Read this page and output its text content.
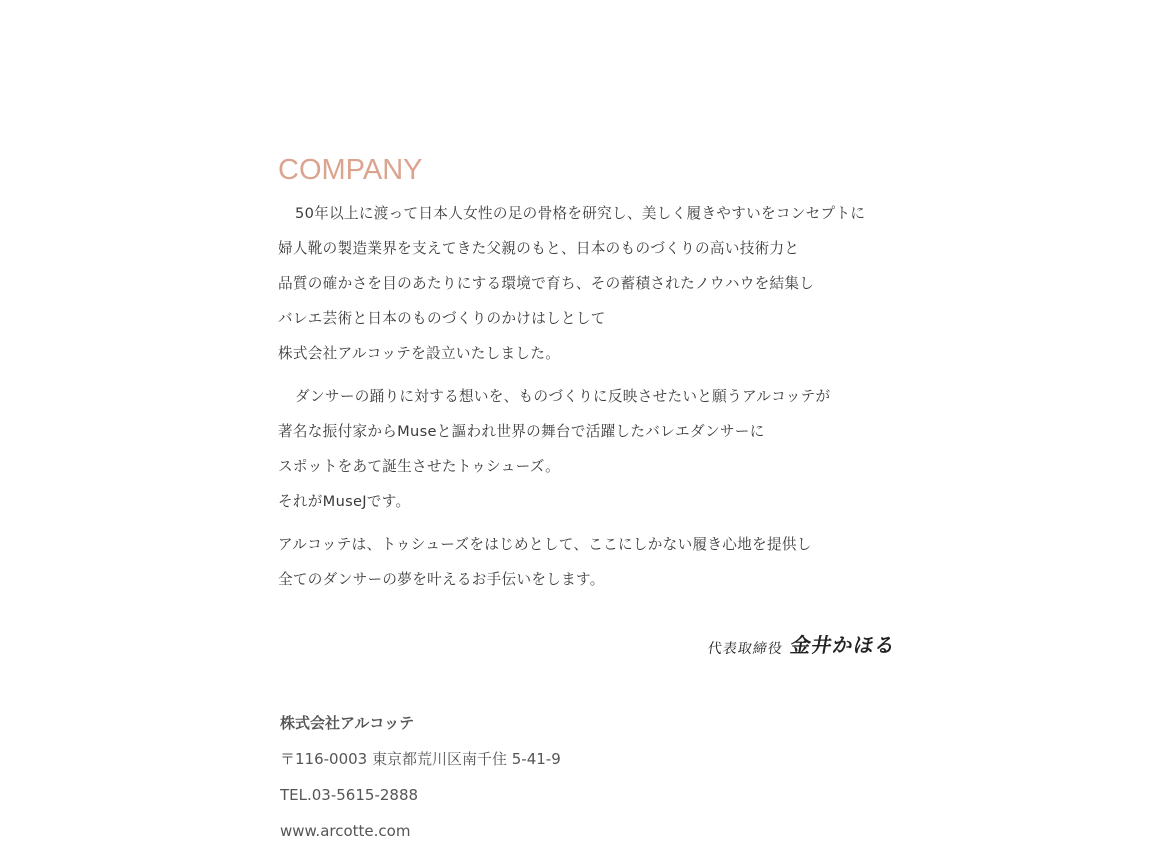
COMPANY

50年以上に渡って日本人女性の足の骨格を研究し、美しく履きやすいをコンセプトに
婦人靴の製造業界を支えてきた父親のもと、日本のものづくりの高い技術力と
品質の確かさを目のあたりにする環境で育ち、その蓄積されたノウハウを結集し
バレエ芸術と日本のものづくりのかけはしとして
株式会社アルコッテを設立いたしました。

ダンサーの踊りに対する想いを、ものづくりに反映させたいと願うアルコッテが
著名な振付家からMuseと謳われ世界の舞台で活躍したバレエダンサーに
スポットをあて誕生させたトゥシューズ。
それがMuseJです。

アルコッテは、トゥシューズをはじめとして、ここにしかない履き心地を提供し
全てのダンサーの夢を叶えるお手伝いをします。

代表取締役 金井かほる
株式会社アルコッテ
〒116-0003 東京都荒川区南千住 5-41-9
TEL.03-5615-2888
www.arcotte.com
